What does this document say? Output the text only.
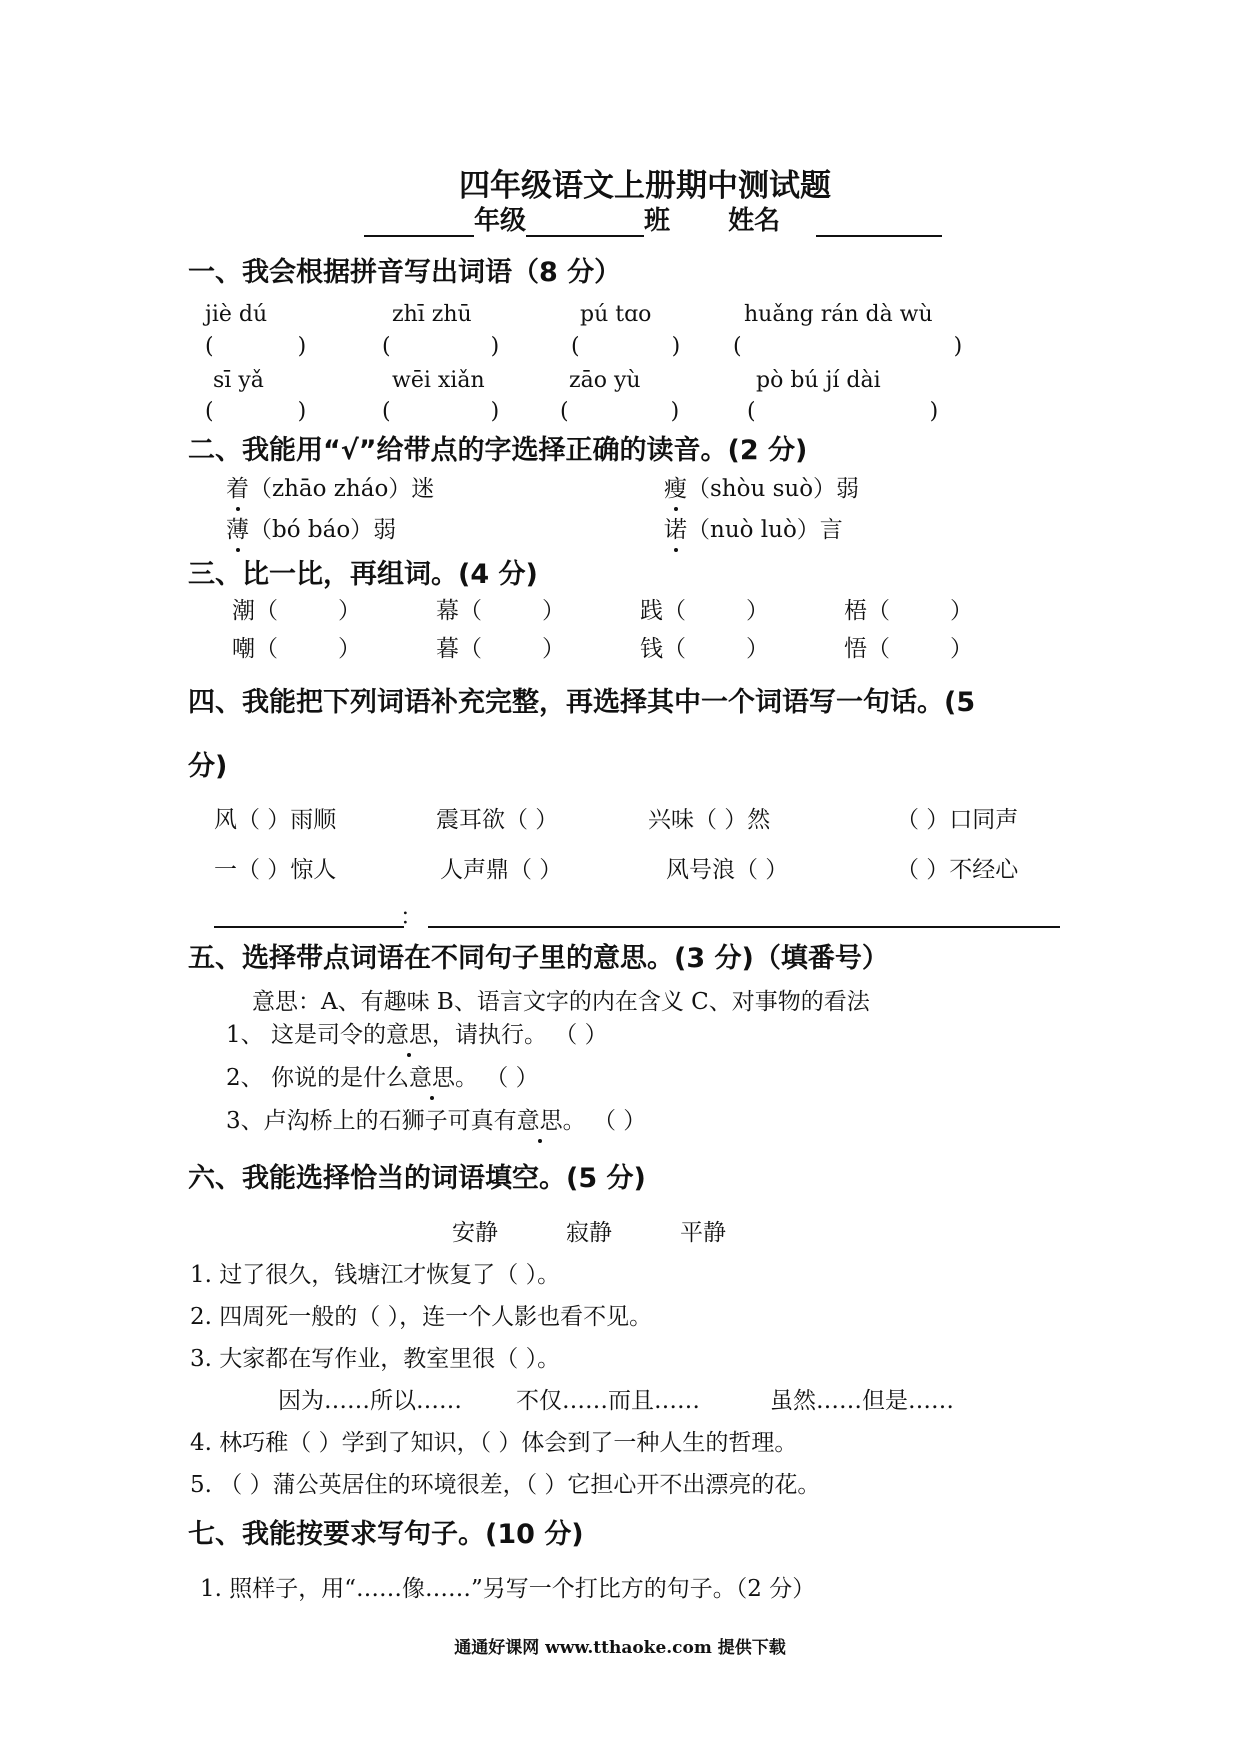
四年级语文上册期中测试题
年级	班 姓名
一、我会根据拼音写出词语（8 分）
jiè dú	zhī zhū	pú tɑo	huǎng rán dà wù
(	)	(	)	(	) (	)
sī yǎ	wēi xiǎn	zāo yù	pò bú jí dài
(	)	(	)	(	)	(	)
二、我能用“√”给带点的字选择正确的读音。(2 分)
着（zhāo zháo）迷	瘦（shòu suò）弱
薄（bó báo）弱	诺（nuò luò）言
三、比一比，再组词。(4 分)
潮（	）	幕（	）	践（	）	梧（	）
嘲（	）	暮（	）	钱（	）	悟（	）
四、我能把下列词语补充完整，再选择其中一个词语写一句话。(5
分)
风（ ）雨顺	震耳欲（ ）	兴味（ ）然	（ ）口同声
一（ ）惊人	人声鼎（ ）	风号浪（ ）	（ ）不经心
：
五、选择带点词语在不同句子里的意思。(3 分)（填番号）
意思：A、有趣味 B、语言文字的内在含义 C、对事物的看法
1、 这是司令的意思，请执行。 （ ）
2、 你说的是什么意思。 （ ）
3、卢沟桥上的石狮子可真有意思。 （ ）
六、我能选择恰当的词语填空。(5 分)
安静	寂静	平静
1. 过了很久，钱塘江才恢复了（ ）。
2. 四周死一般的（ ），连一个人影也看不见。
3. 大家都在写作业，教室里很（ ）。
因为……所以…… 不仅……而且……	虽然……但是……
4. 林巧稚（ ）学到了知识，（ ）体会到了一种人生的哲理。
5. （ ）蒲公英居住的环境很差，（ ）它担心开不出漂亮的花。
七、我能按要求写句子。(10 分)
1. 照样子，用“……像……”另写一个打比方的句子。（2 分）
通通好课网 www.tthaoke.com 提供下载
